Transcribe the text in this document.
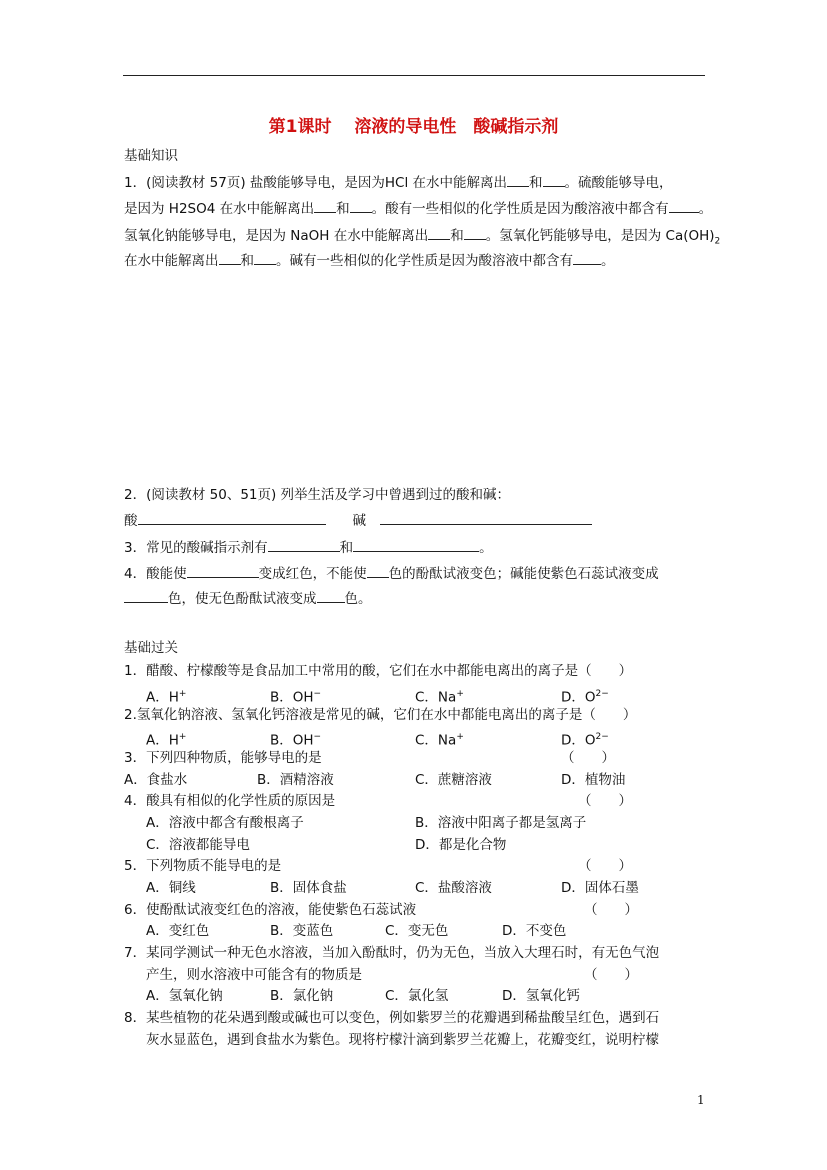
第1课时　 溶液的导电性　酸碱指示剂
基础知识
1．(阅读教材 57页) 盐酸能够导电，是因为HCl 在水中能解离出 和 。硫酸能够导电，
是因为 H2SO4 在水中能解离出 和 。酸有一些相似的化学性质是因为酸溶液中都含有 。
氢氧化钠能够导电，是因为 NaOH 在水中能解离出 和 。氢氧化钙能够导电，是因为 $Ca(OH)_2$
在水中能解离出 和 。碱有一些相似的化学性质是因为酸溶液中都含有 。
2．(阅读教材 50、51页) 列举生活及学习中曾遇到过的酸和碱：
酸　　	碱　
3．常见的酸碱指示剂有	和	。
4．酸能使	变成红色，不能使 色的酚酞试液变色；碱能使紫色石蕊试液变成
色，使无色酚酞试液变成 色。
基础过关
1．醋酸、柠檬酸等是食品加工中常用的酸，它们在水中都能电离出的离子是（　　）
A．H+	B．OH−	C．Na+	D．$O^{2-}$
2.氢氧化钠溶液、氢氧化钙溶液是常见的碱，它们在水中都能电离出的离子是（　　）
A．H+	B．OH−	C．Na+	D．$O^{2-}$
3．下列四种物质，能够导电的是	（　　）
A．食盐水	B．酒精溶液	C．蔗糖溶液	D．植物油
4．酸具有相似的化学性质的原因是	（　　）
A．溶液中都含有酸根离子	B．溶液中阳离子都是氢离子
C．溶液都能导电	D．都是化合物
5．下列物质不能导电的是	（　　）
A．铜线	B．固体食盐	C．盐酸溶液	D．固体石墨
6．使酚酞试液变红色的溶液，能使紫色石蕊试液	（　　）
A．变红色	B．变蓝色	C．变无色	D．不变色
7．某同学测试一种无色水溶液，当加入酚酞时，仍为无色，当放入大理石时，有无色气泡
产生，则水溶液中可能含有的物质是	（　　）
A．氢氧化钠	B．氯化钠	C．氯化氢	D．氢氧化钙
8．某些植物的花朵遇到酸或碱也可以变色，例如紫罗兰的花瓣遇到稀盐酸呈红色，遇到石
灰水显蓝色，遇到食盐水为紫色。现将柠檬汁滴到紫罗兰花瓣上，花瓣变红，说明柠檬
1
